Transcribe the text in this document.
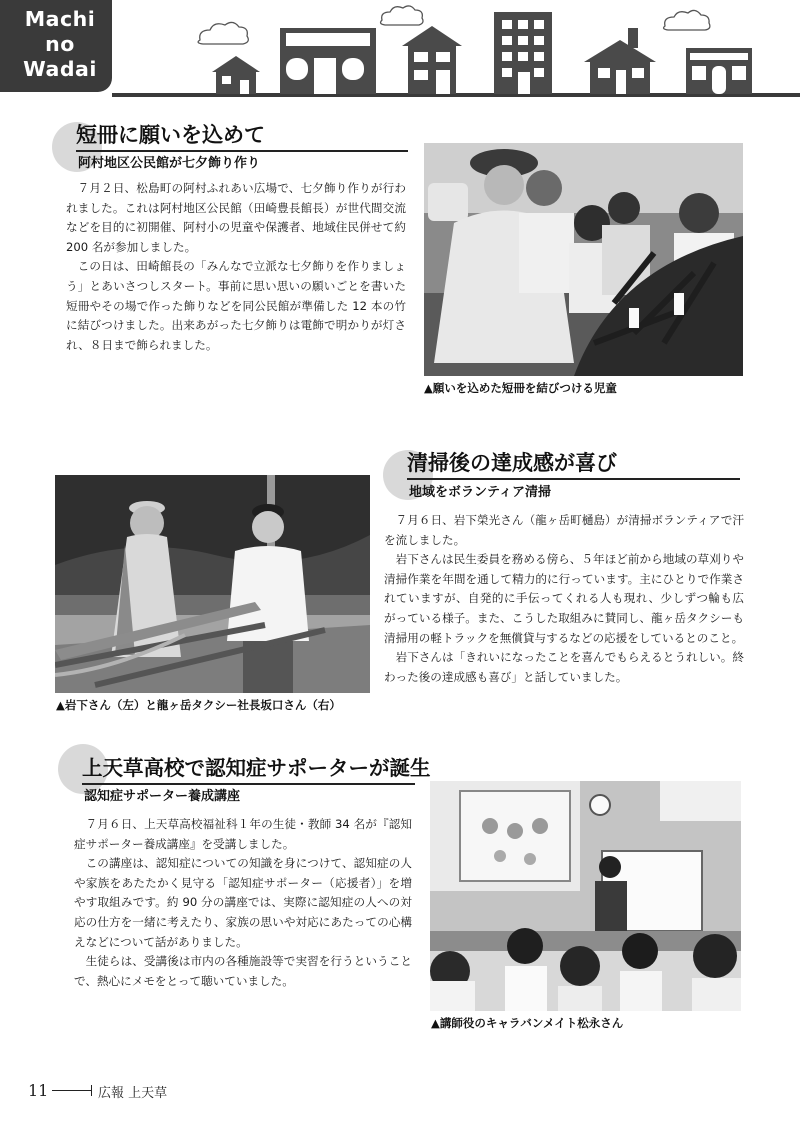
Machi
no
Wadai
短冊に願いを込めて
阿村地区公民館が七夕飾り作り

７月２日、松島町の阿村ふれあい広場で、七夕飾り作りが行われました。これは阿村地区公民館（田崎豊長館長）が世代間交流などを目的に初開催、阿村小の児童や保護者、地域住民併せて約 200 名が参加しました。

この日は、田崎館長の「みんなで立派な七夕飾りを作りましょう」とあいさつしスタート。事前に思い思いの願いごとを書いた短冊やその場で作った飾りなどを同公民館が準備した 12 本の竹に結びつけました。出来あがった七夕飾りは電飾で明かりが灯され、８日まで飾られました。

▲願いを込めた短冊を結びつける児童
清掃後の達成感が喜び
地域をボランティア清掃

７月６日、岩下榮光さん（龍ヶ岳町樋島）が清掃ボランティアで汗を流しました。

岩下さんは民生委員を務める傍ら、５年ほど前から地域の草刈りや清掃作業を年間を通して精力的に行っています。主にひとりで作業されていますが、自発的に手伝ってくれる人も現れ、少しずつ輪も広がっている様子。また、こうした取組みに賛同し、龍ヶ岳タクシーも清掃用の軽トラックを無償貸与するなどの応援をしているとのこと。

岩下さんは「きれいになったことを喜んでもらえるとうれしい。終わった後の達成感も喜び」と話していました。

▲岩下さん（左）と龍ヶ岳タクシー社長坂口さん（右）
上天草高校で認知症サポーターが誕生
認知症サポーター養成講座

７月６日、上天草高校福祉科１年の生徒・教師 34 名が『認知症サポーター養成講座』を受講しました。

この講座は、認知症についての知識を身につけて、認知症の人や家族をあたたかく見守る「認知症サポーター（応援者）」を増やす取組みです。約 90 分の講座では、実際に認知症の人への対応の仕方を一緒に考えたり、家族の思いや対応にあたっての心構えなどについて話がありました。

生徒らは、受講後は市内の各種施設等で実習を行うということで、熱心にメモをとって聴いていました。

▲講師役のキャラバンメイト松永さん
11	広報 上天草
